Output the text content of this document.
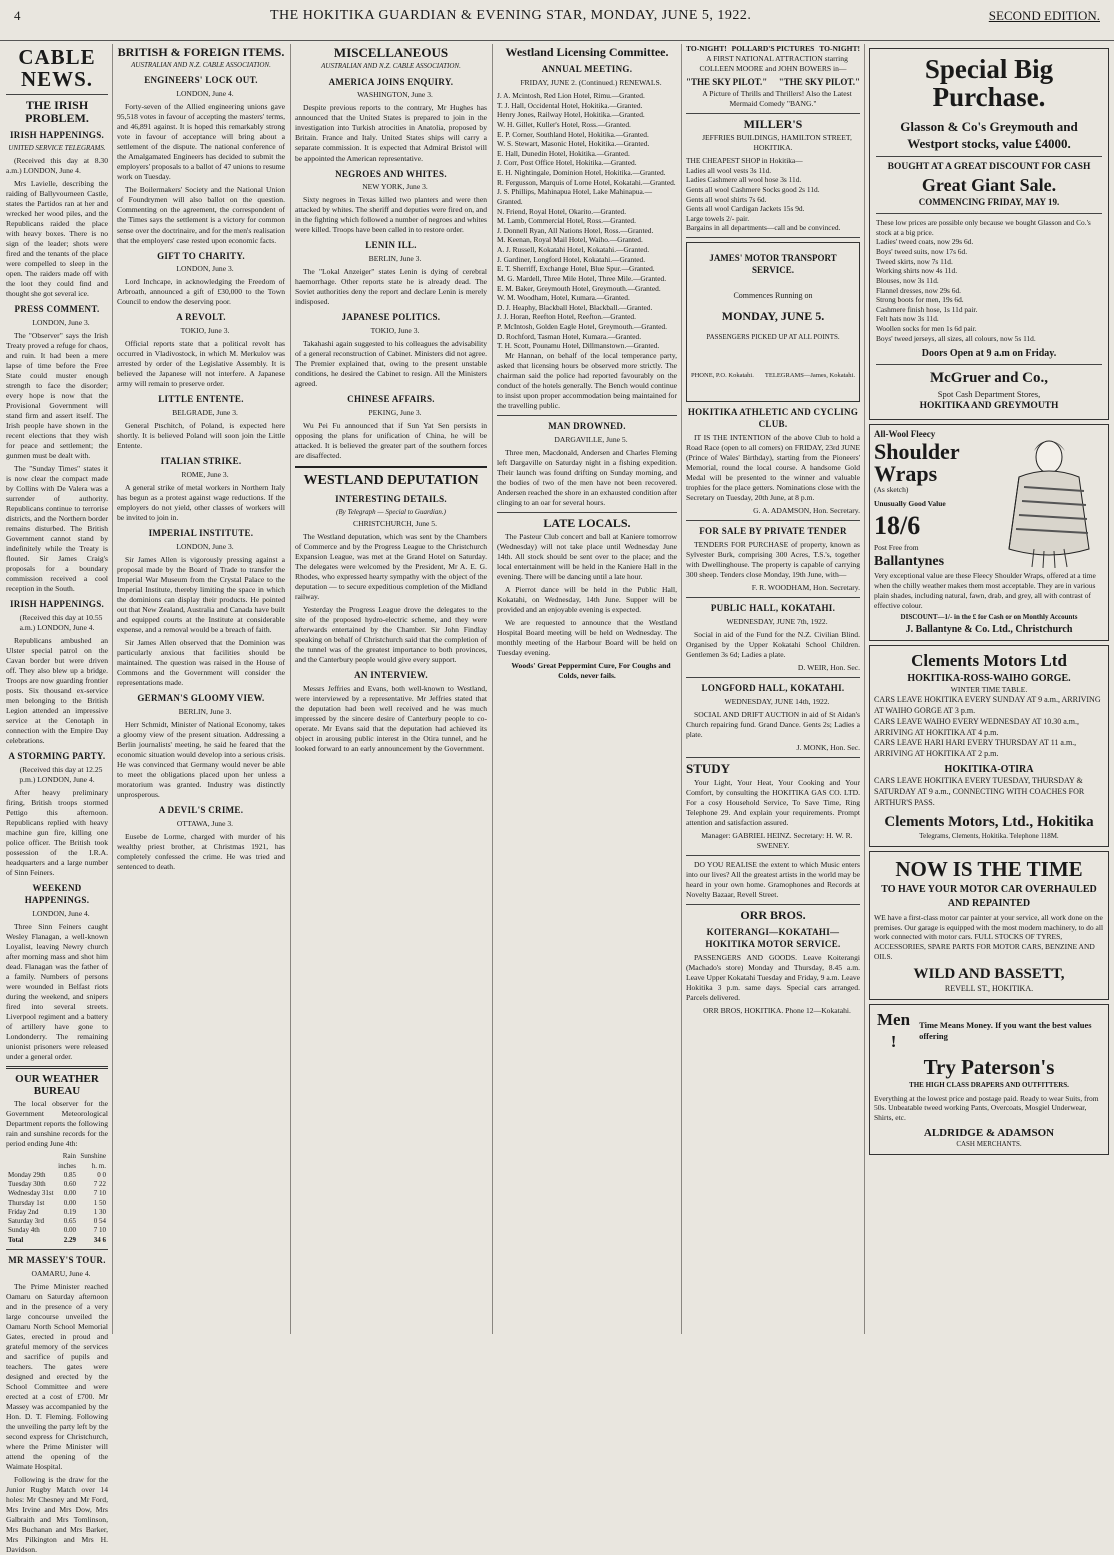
4	THE HOKITIKA GUARDIAN & EVENING STAR, MONDAY, JUNE 5, 1922.	SECOND EDITION.
CABLE NEWS.
THE IRISH PROBLEM.
IRISH HAPPENINGS.
UNITED SERVICE TELEGRAMS.

(Received this day at 8.30 a.m.) LONDON, June 4.

Mrs Lavielle, describing the raiding of Ballyvourneen Castle, states the Partidos ran at her and wrecked her wood piles, and the Republicans raided the place with heavy boxes. There is no sign of the leader; shots were fired and the tenants of the place were compelled to sleep in the open. The raiders made off with the loot they could find and thought she got several ice.

PRESS COMMENT.

LONDON, June 3.

The "Observer" says the Irish Treaty proved a refuge for chaos, and ruin. It had been a mere lapse of time before the Free State could muster enough strength to face the disorder; every hope is now that the Provisional Government will stand firm and assert itself. The Irish people have shown in the recent elections that they wish for peace and settlement; the gunmen must be dealt with.

The "Sunday Times" states it is now clear the compact made by Collins with De Valera was a surrender of authority. Republicans continue to terrorise districts, and the Northern border remains disturbed. The British Government cannot stand by indefinitely while the Treaty is flouted. Sir James Craig's proposals for a boundary commission received a cool reception in the South.

IRISH HAPPENINGS.

(Received this day at 10.55 a.m.) LONDON, June 4.

Republicans ambushed an Ulster special patrol on the Cavan border but were driven off. They also blew up a bridge. Troops are now guarding frontier posts. Six thousand ex-service men belonging to the British Legion attended an impressive service at the Cenotaph in connection with the Empire Day celebrations.

A STORMING PARTY.

(Received this day at 12.25 p.m.) LONDON, June 4.

After heavy preliminary firing, British troops stormed Pettigo this afternoon. Republicans replied with heavy machine gun fire, killing one police officer. The British took possession of the I.R.A. headquarters and a large number of Sinn Feiners.

WEEKEND HAPPENINGS.

LONDON, June 4.

Three Sinn Feiners caught Wesley Flanagan, a well-known Loyalist, leaving Newry church after morning mass and shot him dead. Flanagan was the father of a family. Numbers of persons were wounded in Belfast riots during the weekend, and snipers fired into several streets. Liverpool regiment and a battery of artillery have gone to Londonderry. The remaining unionist prisoners were released under a general order.

OUR WEATHER BUREAU

The local observer for the Government Meteorological Department reports the following rain and sunshine records for the period ending June 4th:

	Rain	Sunshine
	inches	h. m.
Monday 29th	0.85	0 0
Tuesday 30th	0.60	7 22
Wednesday 31st	0.00	7 10
Thursday 1st	0.00	1 50
Friday 2nd	0.19	1 30
Saturday 3rd	0.65	0 54
Sunday 4th	0.00	7 10
Total	2.29	34 6
MR MASSEY'S TOUR.

OAMARU, June 4.

The Prime Minister reached Oamaru on Saturday afternoon and in the presence of a very large concourse unveiled the Oamaru North School Memorial Gates, erected in proud and grateful memory of the services and sacrifice of pupils and teachers. The gates were designed and erected by the School Committee and were erected at a cost of £700. Mr Massey was accompanied by the Hon. D. T. Fleming. Following the unveiling the party left by the second express for Christchurch, where the Prime Minister will attend the opening of the Waimate Hospital.

Following is the draw for the Junior Rugby Match over 14 holes: Mr Chesney and Mr Ford, Mrs Irvine and Mrs Dow, Mrs Galbraith and Mrs Tomlinson, Mrs Buchanan and Mrs Barker, Mrs Pilkington and Mrs H. Davidson.

BRITISH & FOREIGN ITEMS.
AUSTRALIAN AND N.Z. CABLE ASSOCIATION.
ENGINEERS' LOCK OUT.

LONDON, June 4.

Forty-seven of the Allied engineering unions gave 95,518 votes in favour of accepting the masters' terms, and 46,891 against. It is hoped this remarkably strong vote in favour of acceptance will bring about a settlement of the dispute. The national conference of the Amalgamated Engineers has decided to submit the employers' proposals to a ballot of 47 unions to resume work on Tuesday.

The Boilermakers' Society and the National Union of Foundrymen will also ballot on the question. Commenting on the agreement, the correspondent of the Times says the settlement is a victory for common sense over the doctrinaire, and for the men's realisation that the employers' case rested upon economic facts.

GIFT TO CHARITY.

LONDON, June 3.

Lord Inchcape, in acknowledging the Freedom of Arbroath, announced a gift of £30,000 to the Town Council to endow the deserving poor.

A REVOLT.

TOKIO, June 3.

Official reports state that a political revolt has occurred in Vladivostock, in which M. Merkulov was arrested by order of the Legislative Assembly. It is believed the Japanese will not interfere. A Japanese army will remain to preserve order.

LITTLE ENTENTE.

BELGRADE, June 3.

General Ptschitch, of Poland, is expected here shortly. It is believed Poland will soon join the Little Entente.

ITALIAN STRIKE.

ROME, June 3.

A general strike of metal workers in Northern Italy has begun as a protest against wage reductions. If the employers do not yield, other classes of workers will be invited to join in.

IMPERIAL INSTITUTE.

LONDON, June 3.

Sir James Allen is vigorously pressing against a proposal made by the Board of Trade to transfer the Imperial War Museum from the Crystal Palace to the Imperial Institute, thereby limiting the space in which the dominions can display their products. He pointed out that New Zealand, Australia and Canada have built and equipped courts at the Institute at considerable expense, and a removal would be a breach of faith.

Sir James Allen observed that the Dominion was particularly anxious that facilities should be maintained. The question was raised in the House of Commons and the Government will consider the representations made.

GERMAN'S GLOOMY VIEW.

BERLIN, June 3.

Herr Schmidt, Minister of National Economy, takes a gloomy view of the present situation. Addressing a Berlin journalists' meeting, he said he feared that the economic situation would develop into a serious crisis. He was convinced that Germany would never be able to meet the obligations placed upon her unless a moratorium was granted. Industry was distinctly unprosperous.

A DEVIL'S CRIME.

OTTAWA, June 3.

Eusebe de Lorme, charged with murder of his wealthy priest brother, at Christmas 1921, has completely confessed the crime. He was tried and sentenced to death.

MISCELLANEOUS
AUSTRALIAN AND N.Z. CABLE ASSOCIATION.
AMERICA JOINS ENQUIRY.

WASHINGTON, June 3.

Despite previous reports to the contrary, Mr Hughes has announced that the United States is prepared to join in the investigation into Turkish atrocities in Anatolia, proposed by Britain. France and Italy. United States ships will carry a separate commission. It is expected that Admiral Bristol will be appointed the American representative.

NEGROES AND WHITES.

NEW YORK, June 3.

Sixty negroes in Texas killed two planters and were then attacked by whites. The sheriff and deputies were fired on, and in the fighting which followed a number of negroes and whites were killed. Troops have been called in to restore order.

LENIN ILL.

BERLIN, June 3.

The "Lokal Anzeiger" states Lenin is dying of cerebral haemorrhage. Other reports state he is already dead. The Soviet authorities deny the report and declare Lenin is merely indisposed.

JAPANESE POLITICS.

TOKIO, June 3.

Takahashi again suggested to his colleagues the advisability of a general reconstruction of Cabinet. Ministers did not agree. The Premier explained that, owing to the present unstable conditions, he desired the Cabinet to resign. All the Ministers agreed.

CHINESE AFFAIRS.

PEKING, June 3.

Wu Pei Fu announced that if Sun Yat Sen persists in opposing the plans for unification of China, he will be attacked. It is believed the greater part of the southern forces are disaffected.

WESTLAND DEPUTATION
INTERESTING DETAILS.
(By Telegraph — Special to Guardian.)

CHRISTCHURCH, June 5.

The Westland deputation, which was sent by the Chambers of Commerce and by the Progress League to the Christchurch Expansion League, was met at the Grand Hotel on Saturday. The delegates were welcomed by the President, Mr A. E. G. Rhodes, who expressed hearty sympathy with the object of the deputation — to secure expeditious completion of the Midland railway.

Yesterday the Progress League drove the delegates to the site of the proposed hydro-electric scheme, and they were afterwards entertained by the Chamber. Sir John Findlay speaking on behalf of Christchurch said that the completion of the tunnel was of the greatest importance to both provinces, and the Canterbury people would give every support.

AN INTERVIEW.

Messrs Jeffries and Evans, both well-known to Westland, were interviewed by a representative. Mr Jeffries stated that the deputation had been well received and he was much impressed by the sincere desire of Canterbury people to co-operate. Mr Evans said that the deputation had achieved its object in arousing public interest in the Otira tunnel, and he looked forward to an early announcement by the Government.

Westland Licensing Committee.
ANNUAL MEETING.

FRIDAY, JUNE 2. (Continued.) RENEWALS.

J. A. Mcintosh, Red Lion Hotel, Rimu.—Granted.
T. J. Hall, Occidental Hotel, Hokitika.—Granted.
Henry Jones, Railway Hotel, Hokitika.—Granted.
W. H. Gillet, Kuller's Hotel, Ross.—Granted.
E. P. Corner, Southland Hotel, Hokitika.—Granted.
W. S. Stewart, Masonic Hotel, Hokitika.—Granted.
E. Hall, Dunedin Hotel, Hokitika.—Granted.
J. Corr, Post Office Hotel, Hokitika.—Granted.
E. H. Nightingale, Dominion Hotel, Hokitika.—Granted.
R. Fergusson, Marquis of Lorne Hotel, Kokatahi.—Granted.
J. S. Phillips, Mahinapua Hotel, Lake Mahinapua.—Granted.
N. Friend, Royal Hotel, Okarito.—Granted.
M. Lamb, Commercial Hotel, Ross.—Granted.
J. Donnell Ryan, All Nations Hotel, Ross.—Granted.
M. Keenan, Royal Mail Hotel, Waiho.—Granted.
A. J. Russell, Kokatahi Hotel, Kokatahi.—Granted.
J. Gardiner, Longford Hotel, Kokatahi.—Granted.
E. T. Sherriff, Exchange Hotel, Blue Spur.—Granted.
M. G. Mardell, Three Mile Hotel, Three Mile.—Granted.
E. M. Baker, Greymouth Hotel, Greymouth.—Granted.
W. M. Woodham, Hotel, Kumara.—Granted.
D. J. Heaphy, Blackball Hotel, Blackball.—Granted.
J. J. Horan, Reefton Hotel, Reefton.—Granted.
P. McIntosh, Golden Eagle Hotel, Greymouth.—Granted.
D. Rochford, Tasman Hotel, Kumara.—Granted.
T. H. Scott, Pounamu Hotel, Dillmanstown.—Granted.

Mr Hannan, on behalf of the local temperance party, asked that licensing hours be observed more strictly. The chairman said the police had reported favourably on the conduct of the hotels generally. The Bench would continue to insist upon proper accommodation being maintained for the travelling public.

MAN DROWNED.

DARGAVILLE, June 5.

Three men, Macdonald, Andersen and Charles Fleming left Dargaville on Saturday night in a fishing expedition. Their launch was found drifting on Sunday morning, and the bodies of two of the men have not been recovered. Andersen reached the shore in an exhausted condition after clinging to an oar for several hours.

LATE LOCALS.

The Pasteur Club concert and ball at Kaniere tomorrow (Wednesday) will not take place until Wednesday June 14th. All stock should be sent over to the place; and the local entertainment will be held in the Kaniere Hall in the evening. There will be dancing until a late hour.

A Pierrot dance will be held in the Public Hall, Kokatahi, on Wednesday, 14th June. Supper will be provided and an enjoyable evening is expected.

We are requested to announce that the Westland Hospital Board meeting will be held on Wednesday. The monthly meeting of the Harbour Board will be held on Tuesday evening.

Woods' Great Peppermint Cure, For Coughs and Colds, never fails.

TO-NIGHT! POLLARD'S PICTURES TO-NIGHT!

A FIRST NATIONAL ATTRACTION starring COLLEEN MOORE and JOHN BOWERS in—

"THE SKY PILOT." "THE SKY PILOT."

A Picture of Thrills and Thrillers! Also the Latest Mermaid Comedy "BANG."

MILLER'S

JEFFRIES BUILDINGS, HAMILTON STREET, HOKITIKA.

THE CHEAPEST SHOP in Hokitika—
Ladies all wool vests 3s 11d.
Ladies Cashmere all wool hose 3s 11d.
Gents all wool Cashmere Socks good 2s 11d.
Gents all wool shirts 7s 6d.
Gents all wool Cardigan Jackets 15s 9d.
Large towels 2/- pair.
Bargains in all departments—call and be convinced.
JAMES' MOTOR TRANSPORT SERVICE.
Commences Running on
MONDAY, JUNE 5.
PASSENGERS PICKED UP AT ALL POINTS.
PHONE, P.O. Kokatahi. TELEGRAMS—James, Kokatahi.
HOKITIKA ATHLETIC AND CYCLING CLUB.

IT IS THE INTENTION of the above Club to hold a Road Race (open to all comers) on FRIDAY, 23rd JUNE (Prince of Wales' Birthday), starting from the Pioneers' Memorial, round the local course. A handsome Gold Medal will be presented to the winner and valuable trophies for the place getters. Nominations close with the Secretary on Tuesday, 20th June, at 8 p.m.

G. A. ADAMSON, Hon. Secretary.

FOR SALE BY PRIVATE TENDER

TENDERS FOR PURCHASE of property, known as Sylvester Burk, comprising 300 Acres, T.S.'s, together with Dwellinghouse. The property is capable of carrying 300 sheep. Tenders close Monday, 19th June, with—

F. R. WOODHAM, Hon. Secretary.

PUBLIC HALL, KOKATAHI.

WEDNESDAY, JUNE 7th, 1922.

Social in aid of the Fund for the N.Z. Civilian Blind. Organised by the Upper Kokatahi School Children. Gentlemen 3s 6d; Ladies a plate.

D. WEIR, Hon. Sec.

LONGFORD HALL, KOKATAHI.

WEDNESDAY, JUNE 14th, 1922.

SOCIAL AND DRIFT AUCTION in aid of St Aidan's Church repairing fund. Grand Dance. Gents 2s; Ladies a plate.

J. MONK, Hon. Sec.

STUDY

Your Light, Your Heat, Your Cooking and Your Comfort, by consulting the HOKITIKA GAS CO. LTD. For a cosy Household Service, To Save Time, Ring Telephone 29. And explain your requirements. Prompt attention and satisfaction assured.

Manager: GABRIEL HEINZ. Secretary: H. W. R. SWENEY.

DO YOU REALISE the extent to which Music enters into our lives? All the greatest artists in the world may be heard in your own home. Gramophones and Records at Novelty Bazaar, Revell Street.

ORR BROS.
KOITERANGI—KOKATAHI—HOKITIKA MOTOR SERVICE.

PASSENGERS AND GOODS. Leave Koiterangi (Machado's store) Monday and Thursday, 8.45 a.m. Leave Upper Kokatahi Tuesday and Friday, 9 a.m. Leave Hokitika 3 p.m. same days. Special cars arranged. Parcels delivered.

ORR BROS, HOKITIKA. Phone 12—Kokatahi.

Special Big Purchase.
Glasson & Co's Greymouth and Westport stocks, value £4000.
BOUGHT AT A GREAT DISCOUNT FOR CASH
Great Giant Sale.
COMMENCING FRIDAY, MAY 19.
These low prices are possible only because we bought Glasson and Co.'s stock at a big price.
Ladies' tweed coats, now 29s 6d.
Boys' tweed suits, now 17s 6d.
Tweed skirts, now 7s 11d.
Working shirts now 4s 11d.
Blouses, now 3s 11d.
Flannel dresses, now 29s 6d.
Strong boots for men, 19s 6d.
Cashmere finish hose, 1s 11d pair.
Felt hats now 3s 11d.
Woollen socks for men 1s 6d pair.
Boys' tweed jerseys, all sizes, all colours, now 5s 11d.
Doors Open at 9 a.m on Friday.
McGruer and Co.,
Spot Cash Department Stores,
HOKITIKA AND GREYMOUTH
All-Wool Fleecy
Shoulder Wraps
(As sketch)
Unusually Good Value
18/6
Post Free from
Ballantynes

Very exceptional value are these Fleecy Shoulder Wraps, offered at a time when the chilly weather makes them most acceptable. They are in various plain shades, including natural, fawn, drab, and grey, all with contrast of effective colour.

DISCOUNT—1/- in the £ for Cash or on Monthly Accounts
J. Ballantyne & Co. Ltd., Christchurch
Clements Motors Ltd
HOKITIKA-ROSS-WAIHO GORGE.
WINTER TIME TABLE.
CARS LEAVE HOKITIKA EVERY SUNDAY AT 9 a.m., ARRIVING AT WAIHO GORGE AT 3 p.m.
CARS LEAVE WAIHO EVERY WEDNESDAY AT 10.30 a.m., ARRIVING AT HOKITIKA AT 4 p.m.
CARS LEAVE HARI HARI EVERY THURSDAY AT 11 a.m., ARRIVING AT HOKITIKA AT 2 p.m.
HOKITIKA-OTIRA
CARS LEAVE HOKITIKA EVERY TUESDAY, THURSDAY & SATURDAY AT 9 a.m., CONNECTING WITH COACHES FOR ARTHUR'S PASS.
Clements Motors, Ltd., Hokitika
Telegrams, Clements, Hokitika. Telephone 118M.
NOW IS THE TIME
TO HAVE YOUR MOTOR CAR OVERHAULED AND REPAINTED

WE have a first-class motor car painter at your service, all work done on the premises. Our garage is equipped with the most modern machinery, to do all work connected with motor cars. FULL STOCKS OF TYRES, ACCESSORIES, SPARE PARTS FOR MOTOR CARS, BENZINE AND OILS.

WILD AND BASSETT,
REVELL ST., HOKITIKA.
Men !
Time Means Money. If you want the best values offering
Try Paterson's
THE HIGH CLASS DRAPERS AND OUTFITTERS.

Everything at the lowest price and postage paid. Ready to wear Suits, from 50s. Unbeatable tweed working Pants, Overcoats, Mosgiel Underwear, Shirts, etc.

ALDRIDGE & ADAMSON
CASH MERCHANTS.
